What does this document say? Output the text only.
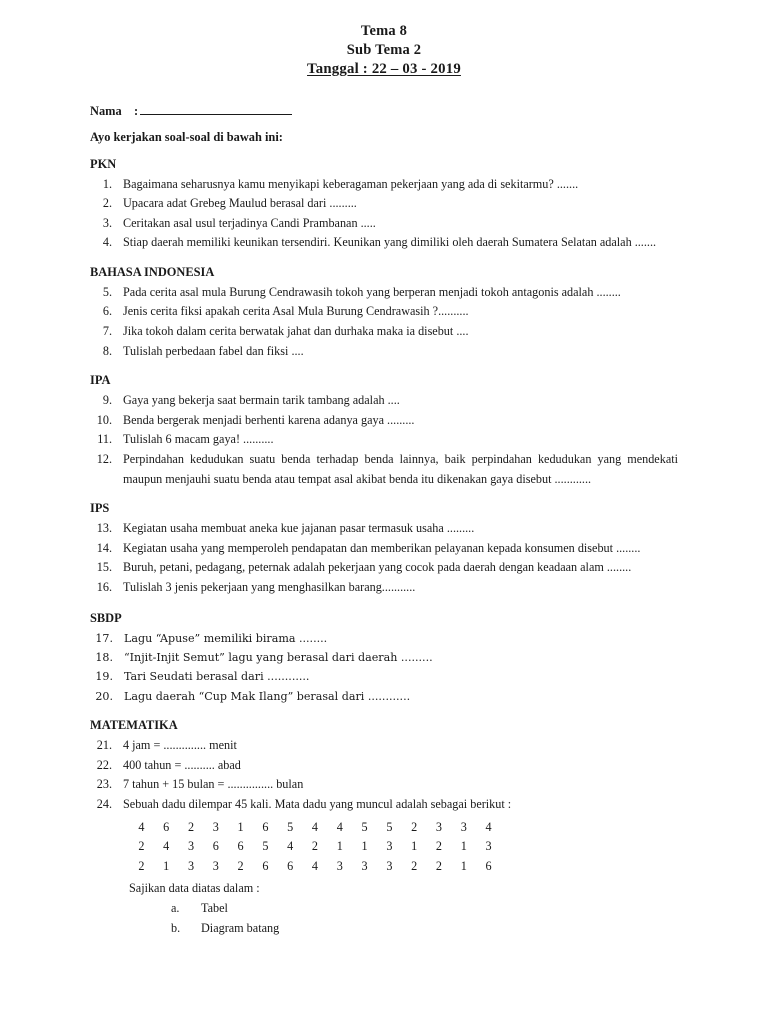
Tema 8
Sub Tema 2
Tanggal : 22 – 03 - 2019
Nama    :
Ayo kerjakan soal-soal di bawah ini:
PKN
1. Bagaimana seharusnya kamu menyikapi keberagaman pekerjaan yang ada di sekitarmu? .......
2. Upacara adat Grebeg Maulud berasal dari .........
3. Ceritakan asal usul terjadinya Candi Prambanan .....
4. Stiap daerah memiliki keunikan tersendiri. Keunikan yang dimiliki oleh daerah Sumatera Selatan adalah .......
BAHASA INDONESIA
5. Pada cerita asal mula Burung Cendrawasih tokoh yang berperan menjadi tokoh antagonis adalah ........
6. Jenis cerita fiksi apakah cerita Asal Mula Burung Cendrawasih ?..........
7. Jika tokoh dalam cerita berwatak jahat dan durhaka maka ia disebut ....
8. Tulislah perbedaan fabel dan fiksi ....
IPA
9. Gaya yang bekerja saat bermain tarik tambang adalah ....
10. Benda bergerak menjadi berhenti karena adanya gaya .........
11. Tulislah 6 macam gaya! ..........
12. Perpindahan kedudukan suatu benda terhadap benda lainnya, baik perpindahan kedudukan yang mendekati maupun menjauhi suatu benda atau tempat asal akibat benda itu dikenakan gaya disebut ............
IPS
13. Kegiatan usaha membuat aneka kue jajanan pasar termasuk usaha .........
14. Kegiatan usaha yang memperoleh pendapatan dan memberikan pelayanan kepada konsumen disebut ........
15. Buruh, petani, pedagang, peternak adalah pekerjaan yang cocok pada daerah dengan keadaan alam ........
16. Tulislah 3 jenis pekerjaan yang menghasilkan barang...........
SBDP
17. Lagu “Apuse” memiliki birama ........
18. “Injit-Injit Semut” lagu yang berasal dari daerah .........
19. Tari Seudati berasal dari ............
20. Lagu daerah “Cup Mak Ilang” berasal dari ............
MATEMATIKA
21. 4 jam = .............. menit
22. 400 tahun = .......... abad
23. 7 tahun + 15 bulan = ............... bulan
24. Sebuah dadu dilempar 45 kali. Mata dadu yang muncul adalah sebagai berikut :
4	6	2	3	1	6	5	4	4	5	5	2	3	3	4
2	4	3	6	6	5	4	2	1	1	3	1	2	1	3
2	1	3	3	2	6	6	4	3	3	3	2	2	1	6
Sajikan data diatas dalam :
a.	Tabel
b.	Diagram batang
